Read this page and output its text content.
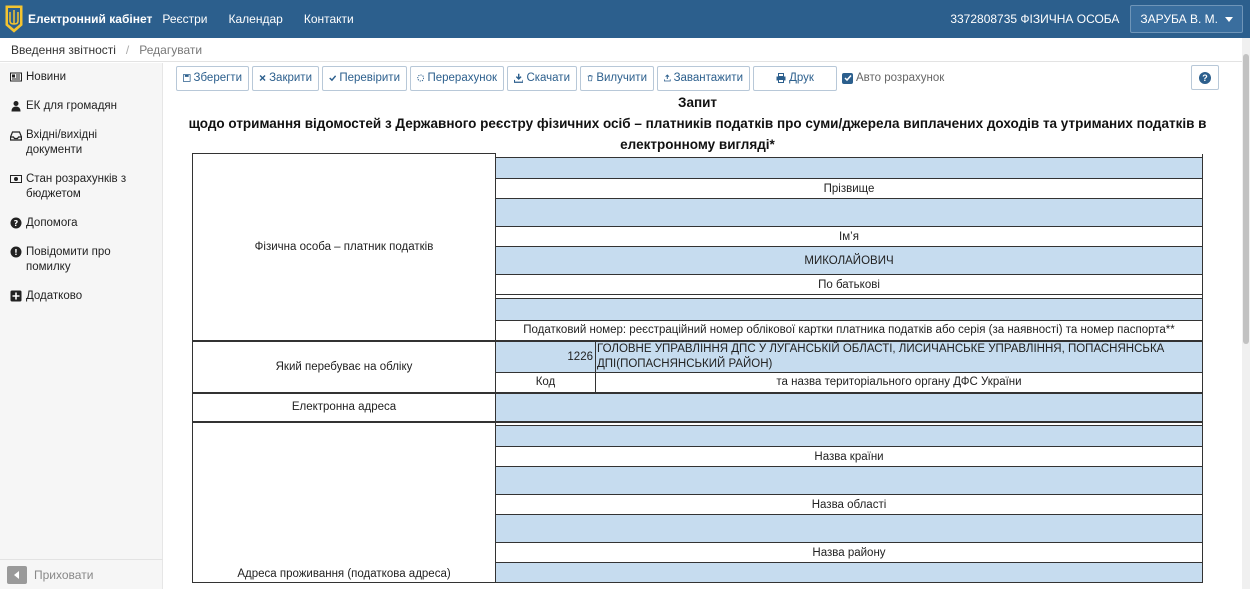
Електронний кабінет Реєстри Календар Контакти	3372808735 ФІЗИЧНА ОСОБА ЗАРУБА В. М.
Введення звітності / Редагувати
Новини
ЕК для громадян
Вхідні/вихідні документи
Стан розрахунків з бюджетом
? Допомога
! Повідомити про помилку
Додатково
Приховати
Зберегти Закрити Перевірити Перерахунок	Скачати Вилучити Завантажити	Друк	Авто розрахунок	?
Запит
щодо отримання відомостей з Державного реєстру фізичних осіб – платників податків про суми/джерела виплачених доходів та утриманих податків в
електронному вигляді*
Фізична особа – платник податків		

	Прізвище	

	Ім’я	
	МИКОЛАЙОВИЧ	
	По батькові	

	Податковий номер: реєстраційний номер облікової картки платника податків або серія (за наявності) та номер паспорта**	
Який перебуває на обліку	1226	ГОЛОВНЕ УПРАВЛІННЯ ДПС У ЛУГАНСЬКІЙ ОБЛАСТІ, ЛИСИЧАНСЬКЕ УПРАВЛІННЯ, ПОПАСНЯНСЬКА ДПІ(ПОПАСНЯНСЬКИЙ РАЙОН)
	Код	та назва територіального органу ДФС України
Електронна адреса		
Адреса проживання (податкова адреса)		

	Назва країни	

	Назва області	

	Назва району	
